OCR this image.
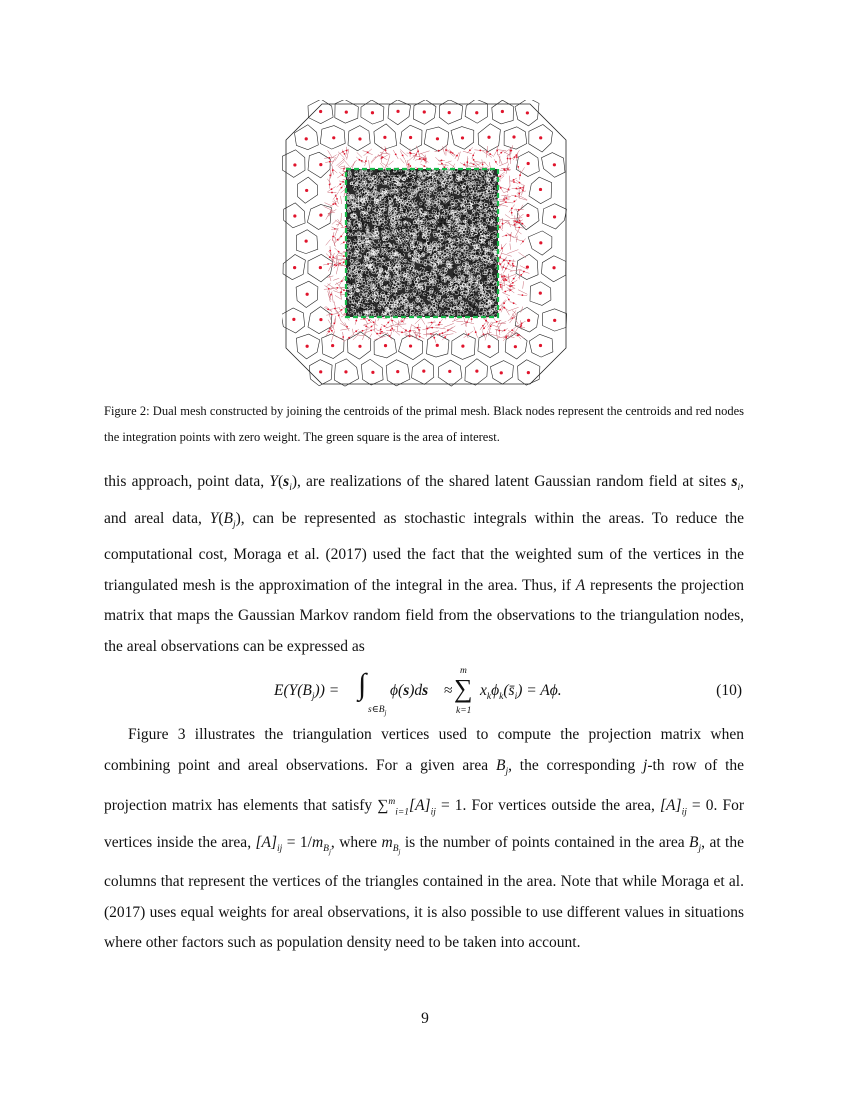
Figure 2: Dual mesh constructed by joining the centroids of the primal mesh. Black nodes represent the centroids and red nodes the integration points with zero weight. The green square is the area of interest.
this approach, point data, $Y(s_i)$, are realizations of the shared latent Gaussian random field at sites $s_i$, and areal data, $Y(B_j)$, can be represented as stochastic integrals within the areas. To reduce the computational cost, Moraga et al. (2017) used the fact that the weighted sum of the vertices in the triangulated mesh is the approximation of the integral in the area. Thus, if A represents the projection matrix that maps the Gaussian Markov random field from the observations to the triangulation nodes, the areal observations can be expressed as
$E(Y(B_j))$ = ∫
$s\in B_j$
ϕ(s)ds ≈
m
∑
k=1
$x_k\phi_k(s̄_i) = A\phi$.	(10)
Figure 3 illustrates the triangulation vertices used to compute the projection matrix when combining point and areal observations. For a given area $B_j$, the corresponding j-th row of the projection matrix has elements that satisfy $\sum^m_{i=1}[A]_{ij} = 1$. For vertices outside the area, $[A]_{ij} = 0$. For vertices inside the area, $[A]_{ij} = 1/m_{B_j}$, where $m_{B_j}$ is the number of points contained in the area $B_j$, at the columns that represent the vertices of the triangles contained in the area. Note that while Moraga et al. (2017) uses equal weights for areal observations, it is also possible to use different values in situations where other factors such as population density need to be taken into account.
9
